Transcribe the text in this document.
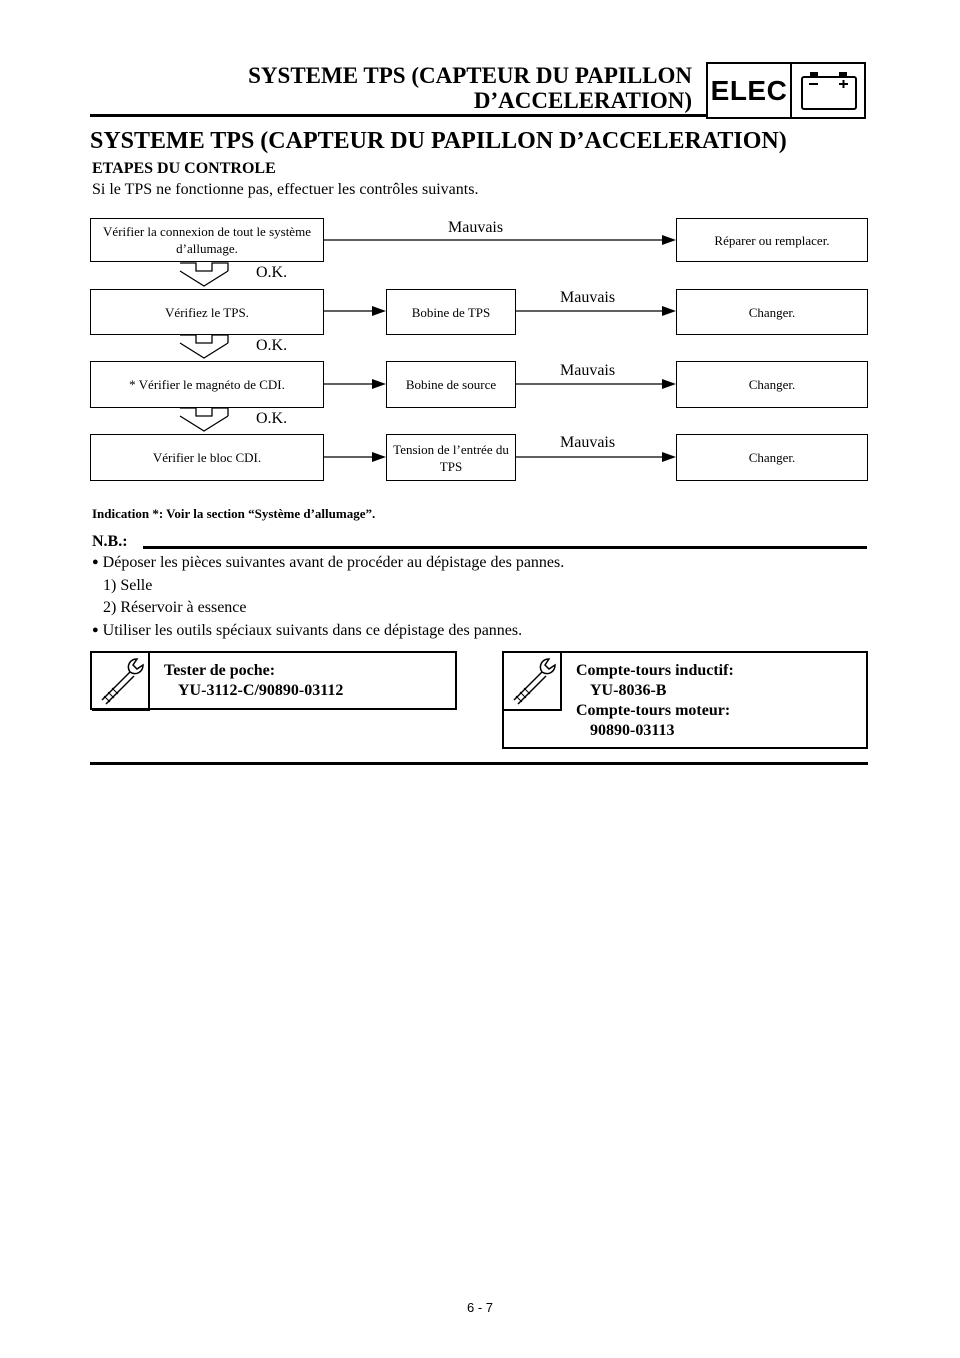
SYSTEME TPS (CAPTEUR DU PAPILLON
D’ACCELERATION) ELEC
SYSTEME TPS (CAPTEUR DU PAPILLON D’ACCELERATION)
ETAPES DU CONTROLE
Si le TPS ne fonctionne pas, effectuer les contrôles suivants.
Vérifier la connexion de tout le système d’allumage.
Mauvais
Réparer ou remplacer.
O.K.
Vérifiez le TPS.	Bobine de TPS
Mauvais
Changer.
O.K.
* Vérifier le magnéto de CDI.	Bobine de source
Mauvais
Changer.
O.K.
Vérifier le bloc CDI.
Tension de l’entrée du TPS
Mauvais
Changer.
Indication *: Voir la section “Système d’allumage”.
N.B.:
● Déposer les pièces suivantes avant de procéder au dépistage des pannes.
1) Selle
2) Réservoir à essence
● Utiliser les outils spéciaux suivants dans ce dépistage des pannes.
Tester de poche:
YU-3112-C/90890-03112
Compte-tours inductif:
YU-8036-B
Compte-tours moteur:
90890-03113
6 - 7
